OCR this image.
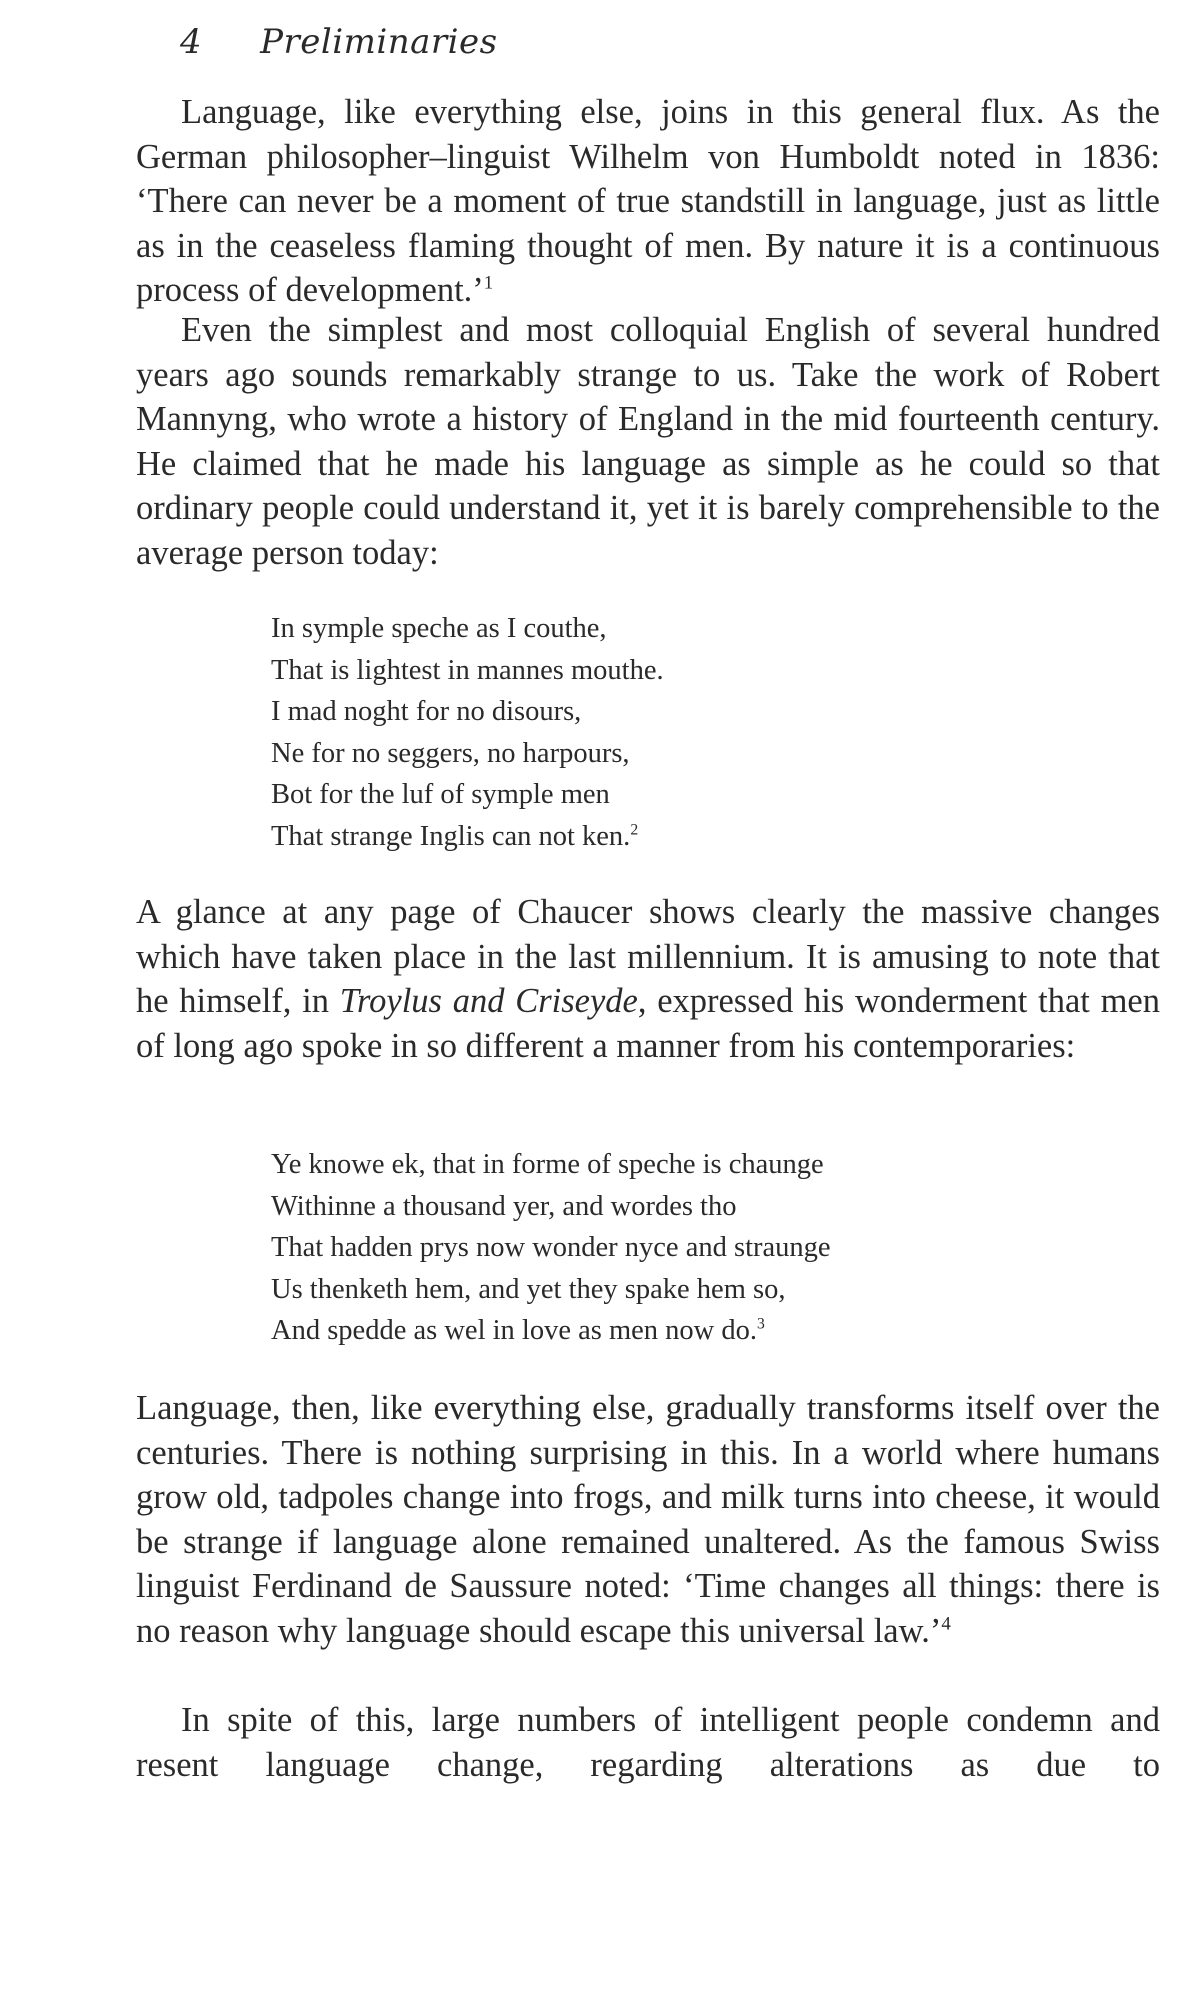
4 Preliminaries

Language, like everything else, joins in this general flux. As the German philosopher–linguist Wilhelm von Humboldt noted in 1836: ‘There can never be a moment of true standstill in language, just as little as in the ceaseless flaming thought of men. By nature it is a continuous process of development.’$^1$

Even the simplest and most colloquial English of several hundred years ago sounds remarkably strange to us. Take the work of Robert Mannyng, who wrote a history of England in the mid fourteenth century. He claimed that he made his language as simple as he could so that ordinary people could understand it, yet it is barely comprehensible to the average person today:

In symple speche as I couthe,
That is lightest in mannes mouthe.
I mad noght for no disours,
Ne for no seggers, no harpours,
Bot for the luf of symple men
That strange Inglis can not ken.$^2$

A glance at any page of Chaucer shows clearly the massive changes which have taken place in the last millennium. It is amusing to note that he himself, in Troylus and Criseyde, expressed his wonderment that men of long ago spoke in so different a manner from his contemporaries:

Ye knowe ek, that in forme of speche is chaunge
Withinne a thousand yer, and wordes tho
That hadden prys now wonder nyce and straunge
Us thenketh hem, and yet they spake hem so,
And spedde as wel in love as men now do.$^3$

Language, then, like everything else, gradually transforms itself over the centuries. There is nothing surprising in this. In a world where humans grow old, tadpoles change into frogs, and milk turns into cheese, it would be strange if language alone remained unaltered. As the famous Swiss linguist Ferdinand de Saussure noted: ‘Time changes all things: there is no reason why language should escape this universal law.’$^4$

In spite of this, large numbers of intelligent people condemn and resent language change, regarding alterations as due to
